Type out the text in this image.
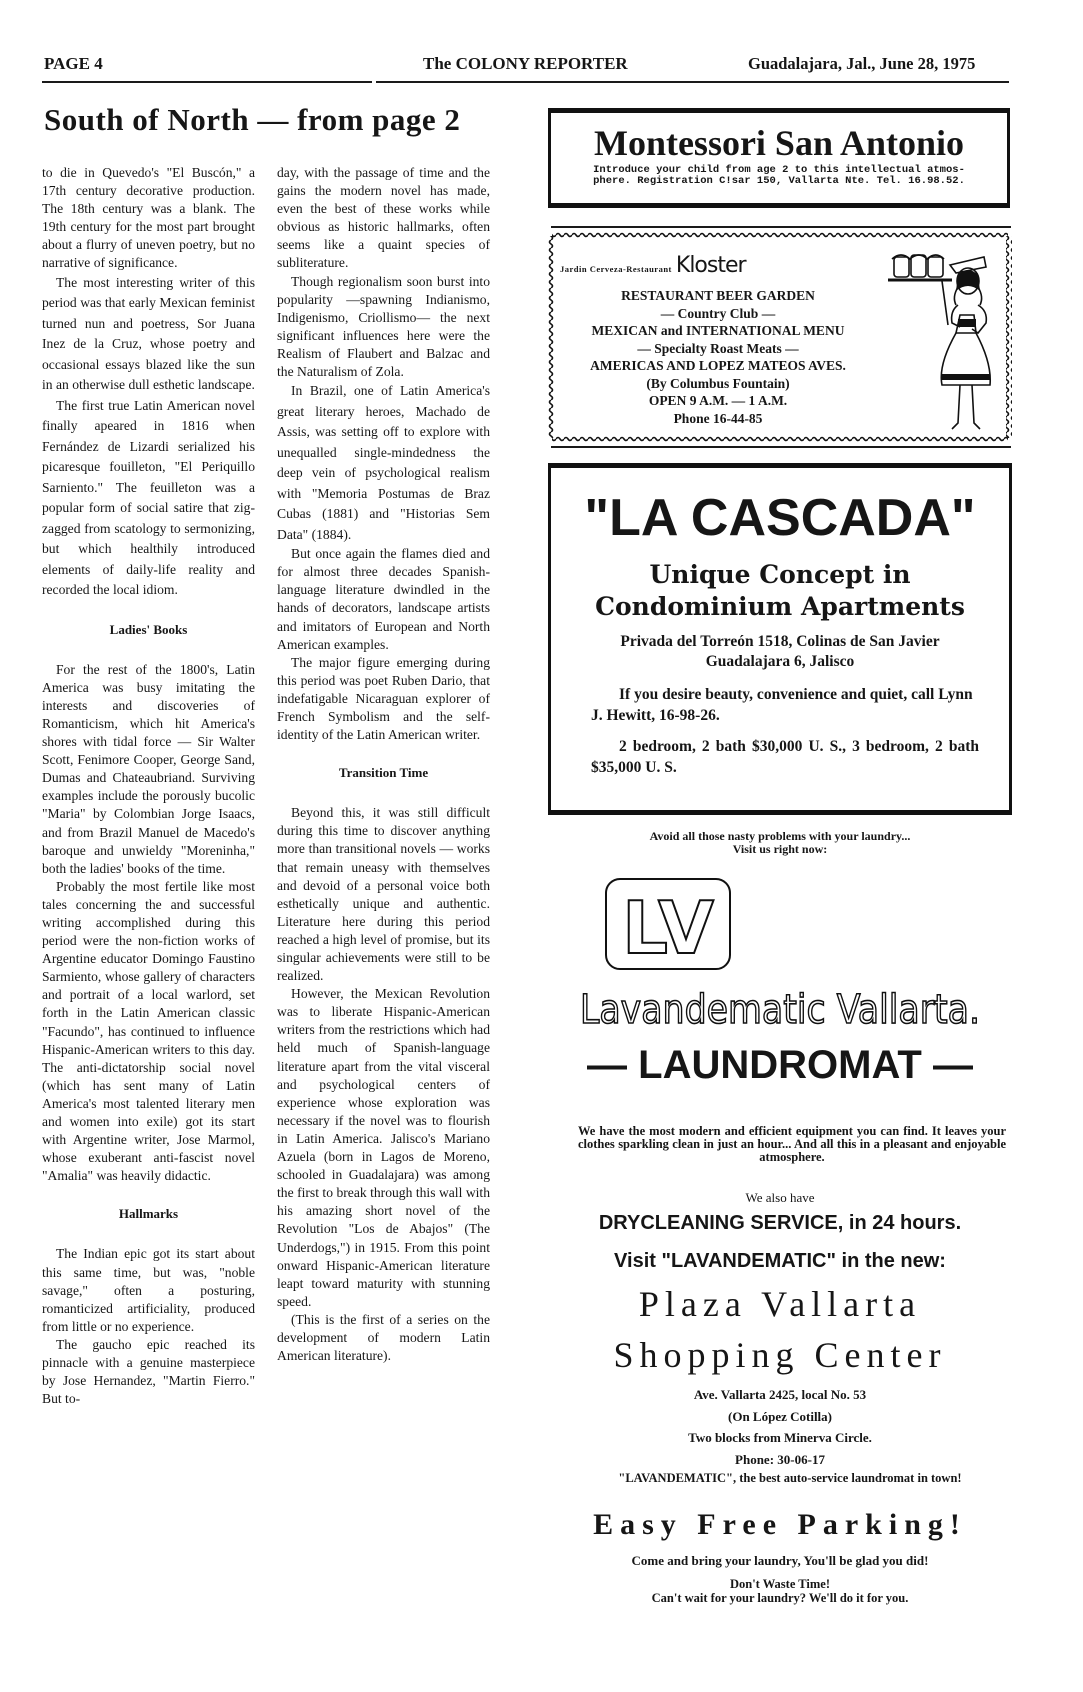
PAGE 4	The COLONY REPORTER	Guadalajara, Jal., June 28, 1975
South of North — from page 2

to die in Quevedo's "El Buscón," a 17th century decorative production. The 18th century was a blank. The 19th century for the most part brought about a flurry of uneven poetry, but no narrative of significance.

The most interesting writer of this period was that early Mexican feminist turned nun and poetress, Sor Juana Inez de la Cruz, whose poetry and occasional essays blazed like the sun in an otherwise dull esthetic landscape.

The first true Latin American novel finally apeared in 1816 when Fernández de Lizardi serialized his picaresque fouilleton, "El Periquillo Sarniento." The feuilleton was a popular form of social satire that zig-zagged from scatology to sermonizing, but which healthily introduced elements of daily-life reality and recorded the local idiom.

Ladies' Books

For the rest of the 1800's, Latin America was busy imitating the interests and discoveries of Romanticism, which hit America's shores with tidal force — Sir Walter Scott, Fenimore Cooper, George Sand, Dumas and Chateaubriand. Surviving examples include the porously bucolic "Maria" by Colombian Jorge Isaacs, and from Brazil Manuel de Macedo's baroque and unwieldy "Moreninha," both the ladies' books of the time.

Probably the most fertile like most tales concerning the and successful writing accomplished during this period were the non-fiction works of Argentine educator Domingo Faustino Sarmiento, whose gallery of characters and portrait of a local warlord, set forth in the Latin American classic "Facundo", has continued to influence Hispanic-American writers to this day. The anti-dictatorship social novel (which has sent many of Latin America's most talented literary men and women into exile) got its start with Argentine writer, Jose Marmol, whose exuberant anti-fascist novel "Amalia" was heavily didactic.

Hallmarks

The Indian epic got its start about this same time, but was, "noble savage," often a posturing, romanticized artificiality, produced from little or no experience.

The gaucho epic reached its pinnacle with a genuine masterpiece by Jose Hernandez, "Martin Fierro." But to-

day, with the passage of time and the gains the modern novel has made, even the best of these works while obvious as historic hallmarks, often seems like a quaint species of subliterature.

Though regionalism soon burst into popularity —spawning Indianismo, Indigenismo, Criollismo— the next significant influences here were the Realism of Flaubert and Balzac and the Naturalism of Zola.

In Brazil, one of Latin America's great literary heroes, Machado de Assis, was setting off to explore with unequalled single-mindedness the deep vein of psychological realism with "Memoria Postumas de Braz Cubas (1881) and "Historias Sem Data" (1884).

But once again the flames died and for almost three decades Spanish-language literature dwindled in the hands of decorators, landscape artists and imitators of European and North American examples.

The major figure emerging during this period was poet Ruben Dario, that indefatigable Nicaraguan explorer of French Symbolism and the self-identity of the Latin American writer.

Transition Time

Beyond this, it was still difficult during this time to discover anything more than transitional novels — works that remain uneasy with themselves and devoid of a personal voice both esthetically unique and authentic. Literature here during this period reached a high level of promise, but its singular achievements were still to be realized.

However, the Mexican Revolution was to liberate Hispanic-American writers from the restrictions which had held much of Spanish-language literature apart from the vital visceral and psychological centers of experience whose exploration was necessary if the novel was to flourish in Latin America. Jalisco's Mariano Azuela (born in Lagos de Moreno, schooled in Guadalajara) was among the first to break through this wall with his amazing short novel of the Revolution "Los de Abajos" (The Underdogs,") in 1915. From this point onward Hispanic-American literature leapt toward maturity with stunning speed.

(This is the first of a series on the development of modern Latin American literature).

Montessori San Antonio
Introduce your child from age 2 to this intellectual atmos-
phere. Registration C!sar 150, Vallarta Nte. Tel. 16.98.52.
Jardin Cerveza-Restaurant Kloster
RESTAURANT BEER GARDEN
— Country Club —
MEXICAN and INTERNATIONAL MENU
— Specialty Roast Meats —
AMERICAS AND LOPEZ MATEOS AVES.
(By Columbus Fountain)
OPEN 9 A.M. — 1 A.M.
Phone 16-44-85
"LA CASCADA"
Unique Concept in
Condominium Apartments
Privada del Torreón 1518, Colinas de San Javier
Guadalajara 6, Jalisco
If you desire beauty, convenience and quiet, call Lynn J. Hewitt, 16-98-26.
2 bedroom, 2 bath $30,000 U. S., 3 bedroom, 2 bath $35,000 U. S.
Avoid all those nasty problems with your laundry...
Visit us right now:
LV
Lavandematic Vallarta.
— LAUNDROMAT —
We have the most modern and efficient equipment you can find. It leaves your clothes sparkling clean in just an hour... And all this in a pleasant and enjoyable atmosphere.
We also have
DRYCLEANING SERVICE, in 24 hours.
Visit "LAVANDEMATIC" in the new:
Plaza Vallarta
Shopping Center
Ave. Vallarta 2425, local No. 53
(On López Cotilla)
Two blocks from Minerva Circle.
Phone: 30-06-17
"LAVANDEMATIC", the best auto-service laundromat in town!
Easy Free Parking!
Come and bring your laundry, You'll be glad you did!
Don't Waste Time!
Can't wait for your laundry? We'll do it for you.
